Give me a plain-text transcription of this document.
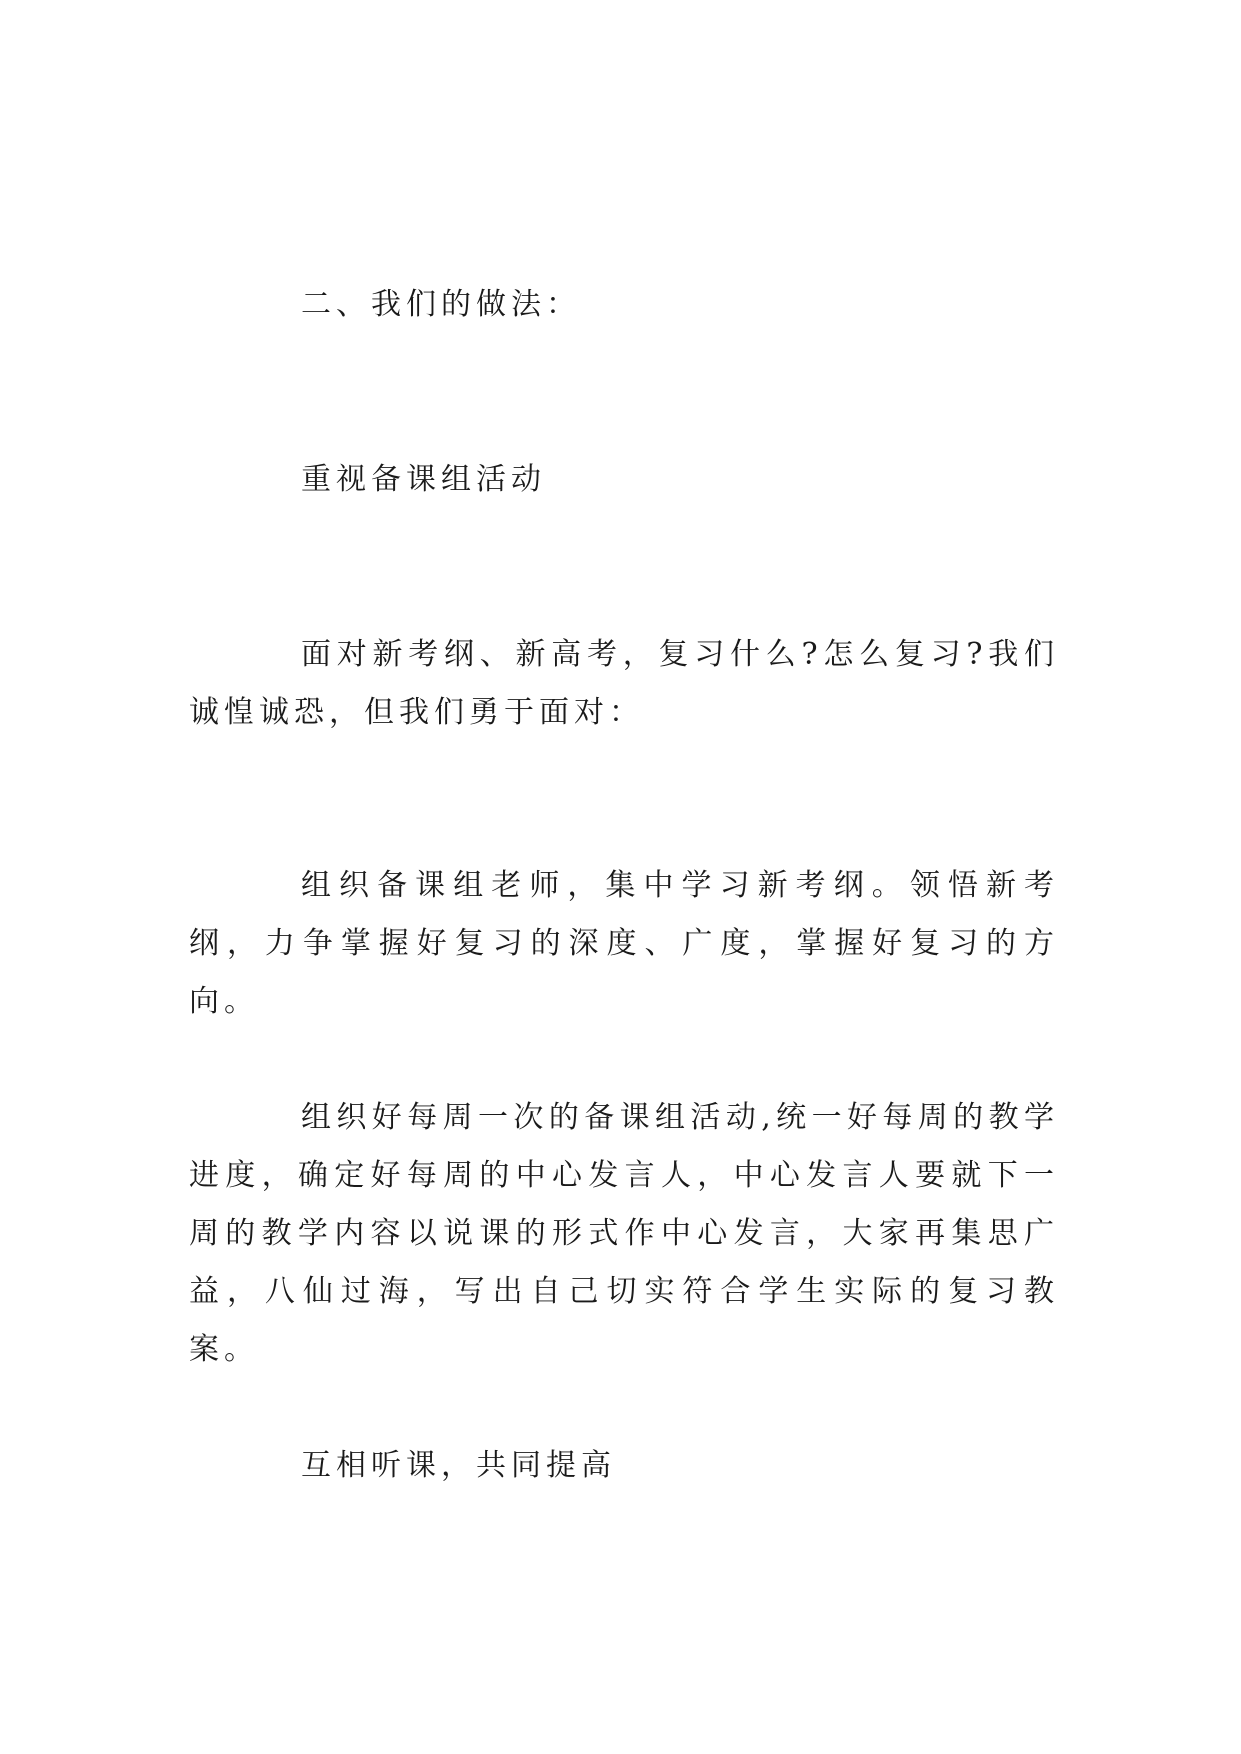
二、我们的做法：

重视备课组活动

面对新考纲、新高考，复习什么?怎么复习?我们诚惶诚恐，但我们勇于面对：

组织备课组老师，集中学习新考纲。领悟新考纲，力争掌握好复习的深度、广度，掌握好复习的方向。

组织好每周一次的备课组活动,统一好每周的教学进度，确定好每周的中心发言人，中心发言人要就下一周的教学内容以说课的形式作中心发言，大家再集思广益，八仙过海，写出自己切实符合学生实际的复习教案。

互相听课，共同提高
